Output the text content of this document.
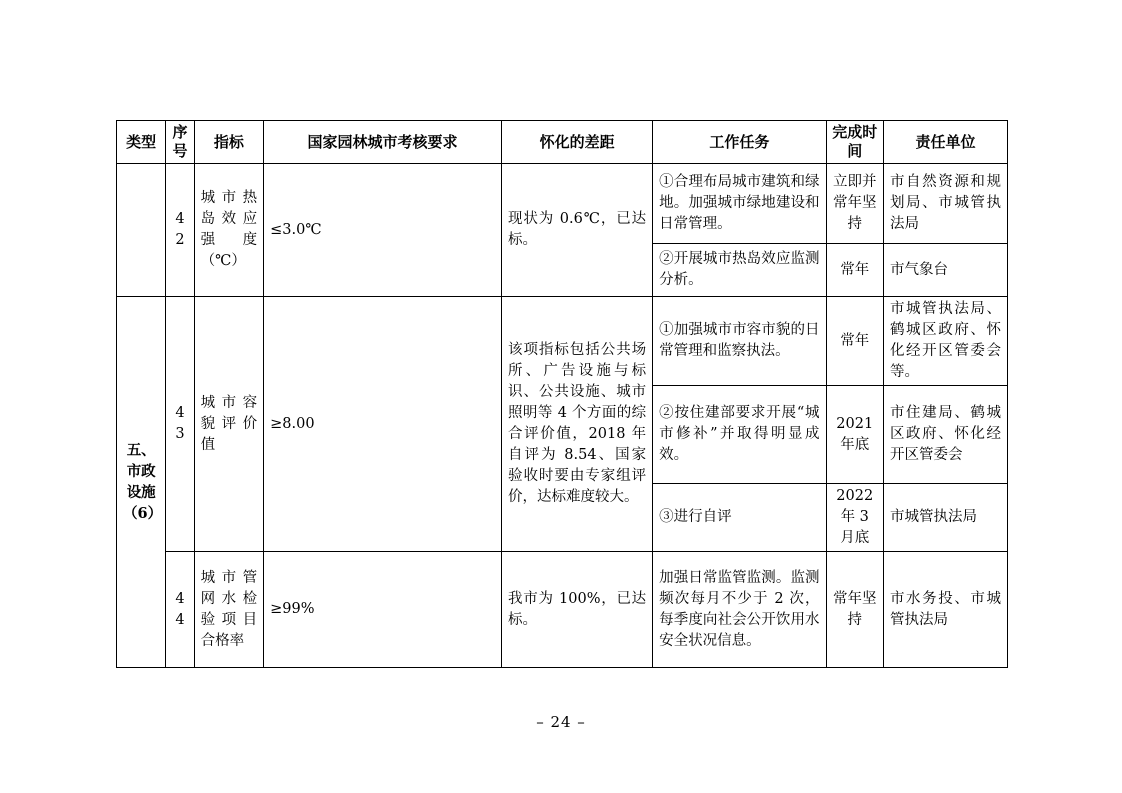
类型	序号	指标	国家园林城市考核要求	怀化的差距	工作任务	完成时间	责任单位
	42	城市热岛效应强度（℃）	≤3.0℃	现状为 0.6℃，已达标。	①合理布局城市建筑和绿地。加强城市绿地建设和日常管理。	立即并常年坚持	市自然资源和规划局、市城管执法局
					②开展城市热岛效应监测分析。	常年	市气象台
五、市政设施（6）	43	城市容貌评价值	≥8.00	该项指标包括公共场所、广告设施与标识、公共设施、城市照明等 4 个方面的综合评价值，2018 年自评为 8.54、国家验收时要由专家组评价，达标难度较大。	①加强城市市容市貌的日常管理和监察执法。	常年	市城管执法局、鹤城区政府、怀化经开区管委会等。
					②按住建部要求开展“城市修补”并取得明显成效。	2021 年底	市住建局、鹤城区政府、怀化经开区管委会
					③进行自评	2022 年 3 月底	市城管执法局
	44	城市管网水检验项目合格率	≥99%	我市为 100%，已达标。	加强日常监管监测。监测频次每月不少于 2 次，每季度向社会公开饮用水安全状况信息。	常年坚持	市水务投、市城管执法局
– 24 –
